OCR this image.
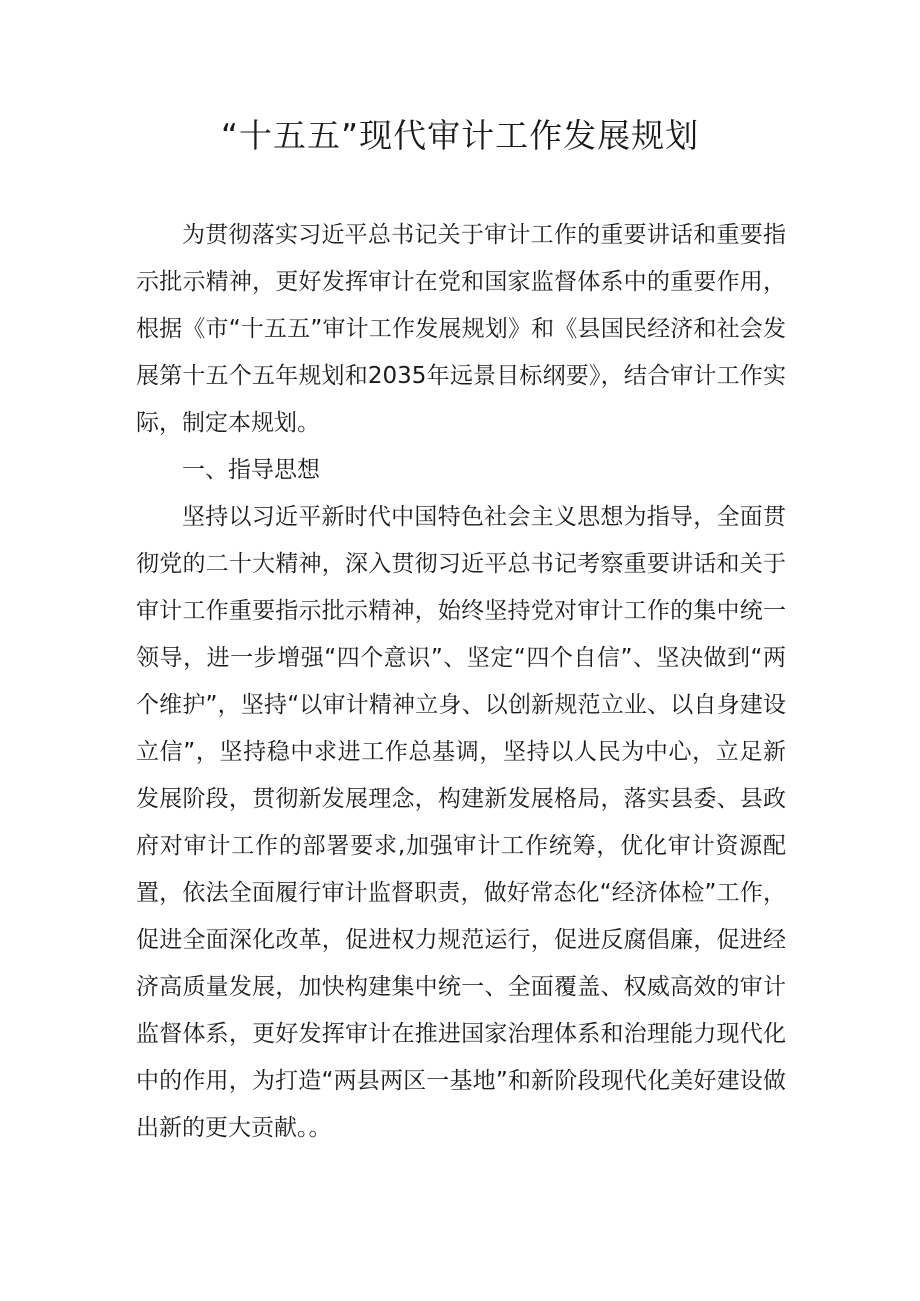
“十五五”现代审计工作发展规划

为贯彻落实习近平总书记关于审计工作的重要讲话和重要指示批示精神，更好发挥审计在党和国家监督体系中的重要作用，根据《市“十五五”审计工作发展规划》和《县国民经济和社会发展第十五个五年规划和2035年远景目标纲要》，结合审计工作实际，制定本规划。

一、指导思想

坚持以习近平新时代中国特色社会主义思想为指导，全面贯彻党的二十大精神，深入贯彻习近平总书记考察重要讲话和关于审计工作重要指示批示精神，始终坚持党对审计工作的集中统一领导，进一步增强“四个意识”、坚定“四个自信”、坚决做到“两个维护”，坚持“以审计精神立身、以创新规范立业、以自身建设立信”，坚持稳中求进工作总基调，坚持以人民为中心，立足新发展阶段，贯彻新发展理念，构建新发展格局，落实县委、县政府对审计工作的部署要求,加强审计工作统筹，优化审计资源配置，依法全面履行审计监督职责，做好常态化“经济体检”工作，促进全面深化改革，促进权力规范运行，促进反腐倡廉，促进经济高质量发展，加快构建集中统一、全面覆盖、权威高效的审计监督体系，更好发挥审计在推进国家治理体系和治理能力现代化中的作用，为打造“两县两区一基地”和新阶段现代化美好建设做出新的更大贡献。。
